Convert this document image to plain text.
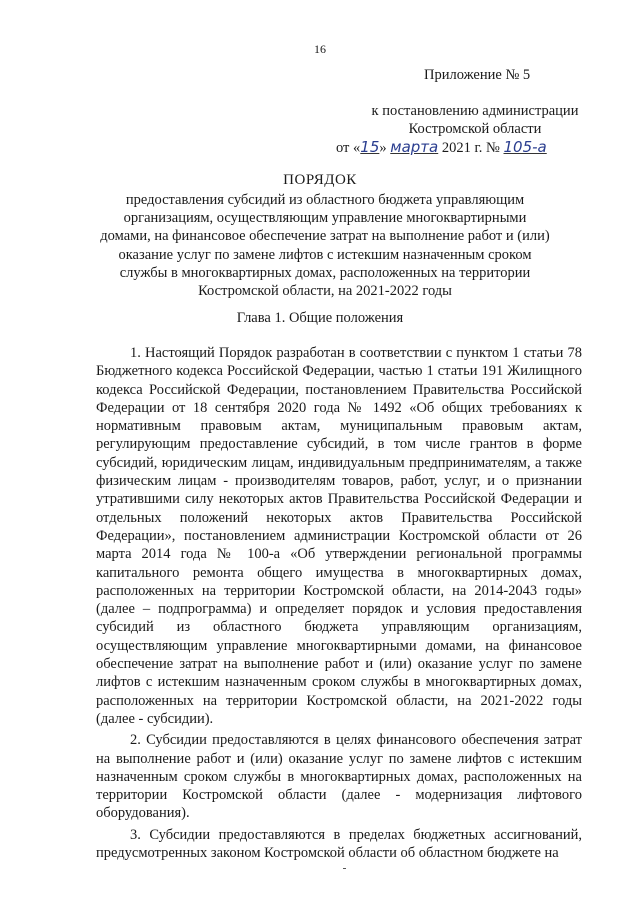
16
Приложение № 5
к постановлению администрации
Костромской области
от «15» марта 2021 г. № 105-а
ПОРЯДОК
предоставления субсидий из областного бюджета управляющим организациям, осуществляющим управление многоквартирными домами, на финансовое обеспечение затрат на выполнение работ и (или) оказание услуг по замене лифтов с истекшим назначенным сроком службы в многоквартирных домах, расположенных на территории Костромской области, на 2021-2022 годы
Глава 1. Общие положения

1. Настоящий Порядок разработан в соответствии с пунктом 1 статьи 78 Бюджетного кодекса Российской Федерации, частью 1 статьи 191 Жилищного кодекса Российской Федерации, постановлением Правительства Российской Федерации от 18 сентября 2020 года № 1492 «Об общих требованиях к нормативным правовым актам, муниципальным правовым актам, регулирующим предоставление субсидий, в том числе грантов в форме субсидий, юридическим лицам, индивидуальным предпринимателям, а также физическим лицам - производителям товаров, работ, услуг, и о признании утратившими силу некоторых актов Правительства Российской Федерации и отдельных положений некоторых актов Правительства Российской Федерации», постановлением администрации Костромской области от 26 марта 2014 года № 100-а «Об утверждении региональной программы капитального ремонта общего имущества в многоквартирных домах, расположенных на территории Костромской области, на 2014-2043 годы» (далее – подпрограмма) и определяет порядок и условия предоставления субсидий из областного бюджета управляющим организациям, осуществляющим управление многоквартирными домами, на финансовое обеспечение затрат на выполнение работ и (или) оказание услуг по замене лифтов с истекшим назначенным сроком службы в многоквартирных домах, расположенных на территории Костромской области, на 2021-2022 годы (далее - субсидии).

2. Субсидии предоставляются в целях финансового обеспечения затрат на выполнение работ и (или) оказание услуг по замене лифтов с истекшим назначенным сроком службы в многоквартирных домах, расположенных на территории Костромской области (далее - модернизация лифтового оборудования).

3. Субсидии предоставляются в пределах бюджетных ассигнований, предусмотренных законом Костромской области об областном бюджете на
